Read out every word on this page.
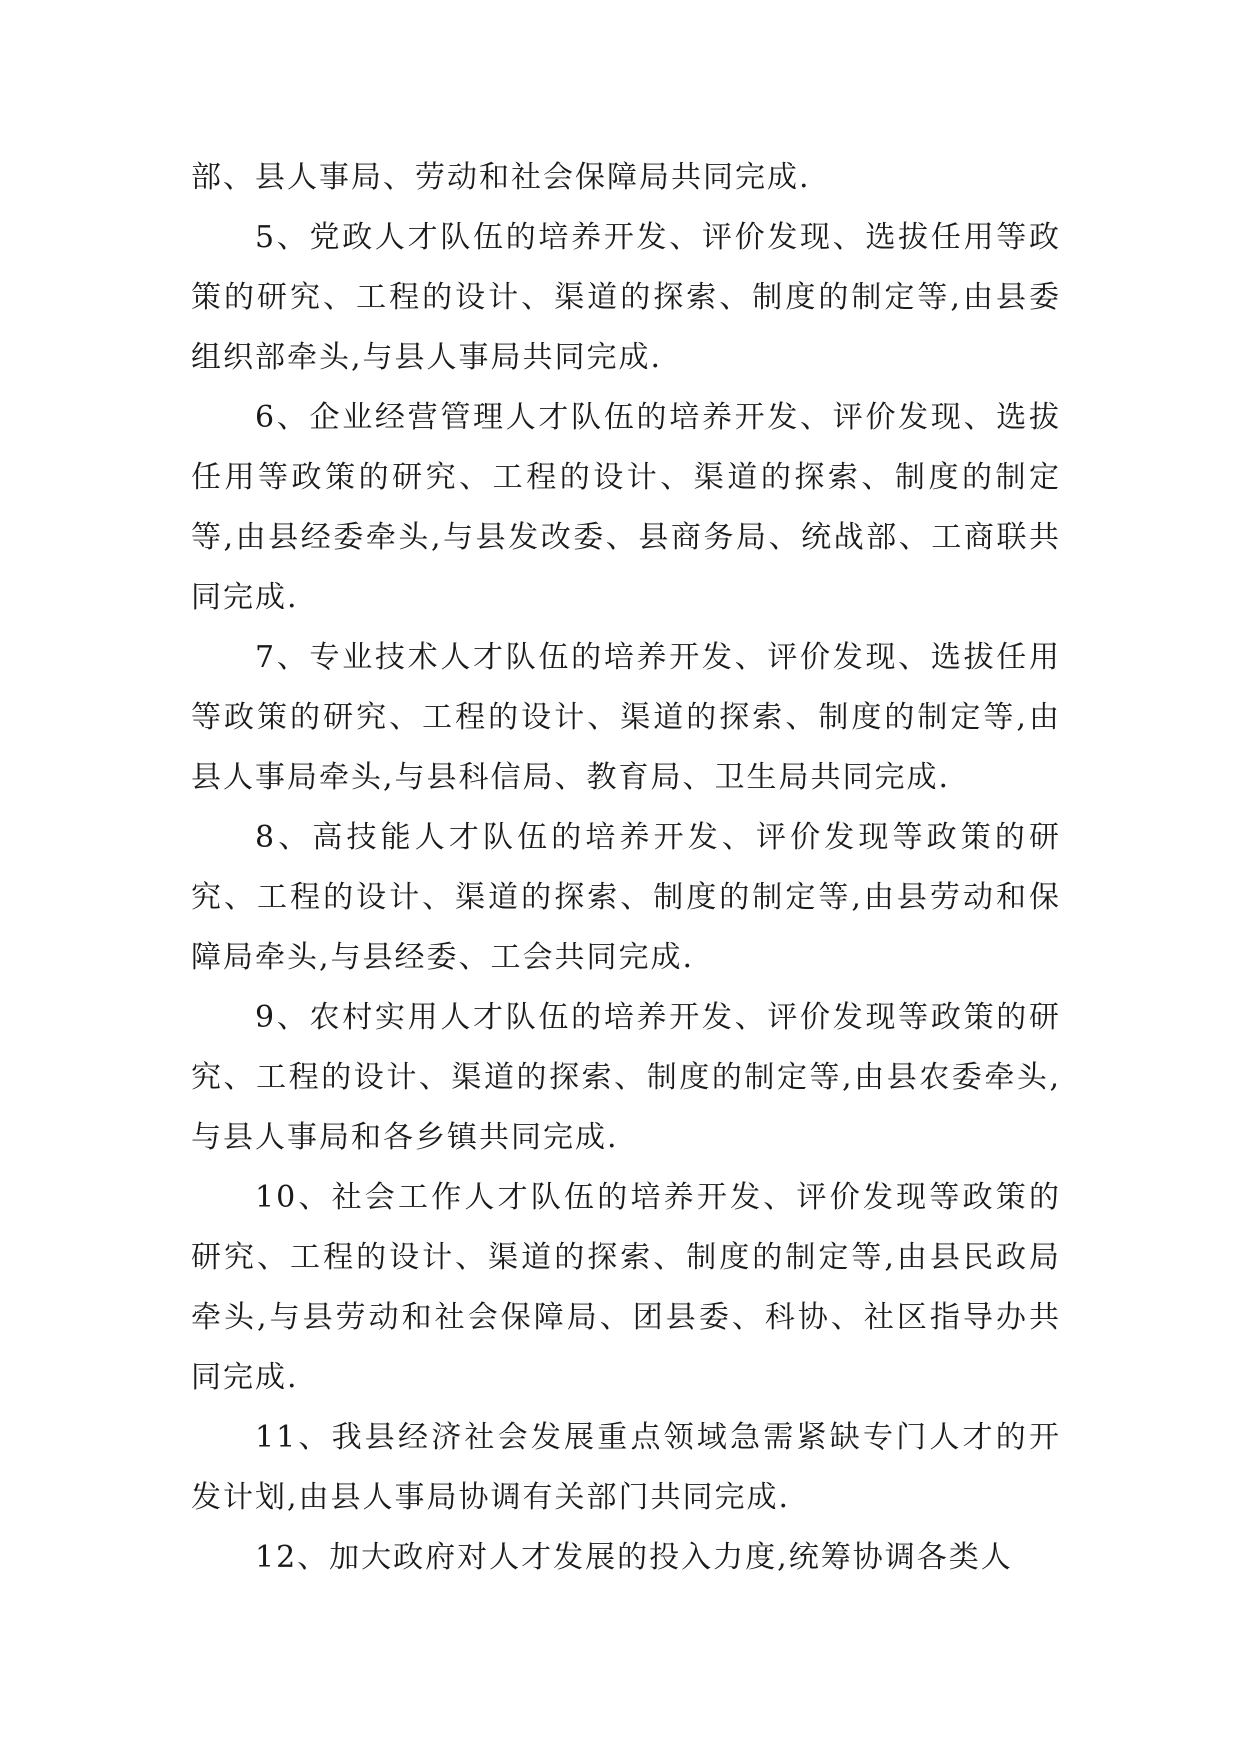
部、县人事局、劳动和社会保障局共同完成.

5、党政人才队伍的培养开发、评价发现、选拔任用等政策的研究、工程的设计、渠道的探索、制度的制定等,由县委组织部牵头,与县人事局共同完成.

6、企业经营管理人才队伍的培养开发、评价发现、选拔任用等政策的研究、工程的设计、渠道的探索、制度的制定等,由县经委牵头,与县发改委、县商务局、统战部、工商联共同完成.

7、专业技术人才队伍的培养开发、评价发现、选拔任用等政策的研究、工程的设计、渠道的探索、制度的制定等,由县人事局牵头,与县科信局、教育局、卫生局共同完成.

8、高技能人才队伍的培养开发、评价发现等政策的研究、工程的设计、渠道的探索、制度的制定等,由县劳动和保障局牵头,与县经委、工会共同完成.

9、农村实用人才队伍的培养开发、评价发现等政策的研究、工程的设计、渠道的探索、制度的制定等,由县农委牵头,与县人事局和各乡镇共同完成.

10、社会工作人才队伍的培养开发、评价发现等政策的研究、工程的设计、渠道的探索、制度的制定等,由县民政局牵头,与县劳动和社会保障局、团县委、科协、社区指导办共同完成.

11、我县经济社会发展重点领域急需紧缺专门人才的开发计划,由县人事局协调有关部门共同完成.

12、加大政府对人才发展的投入力度,统筹协调各类人
